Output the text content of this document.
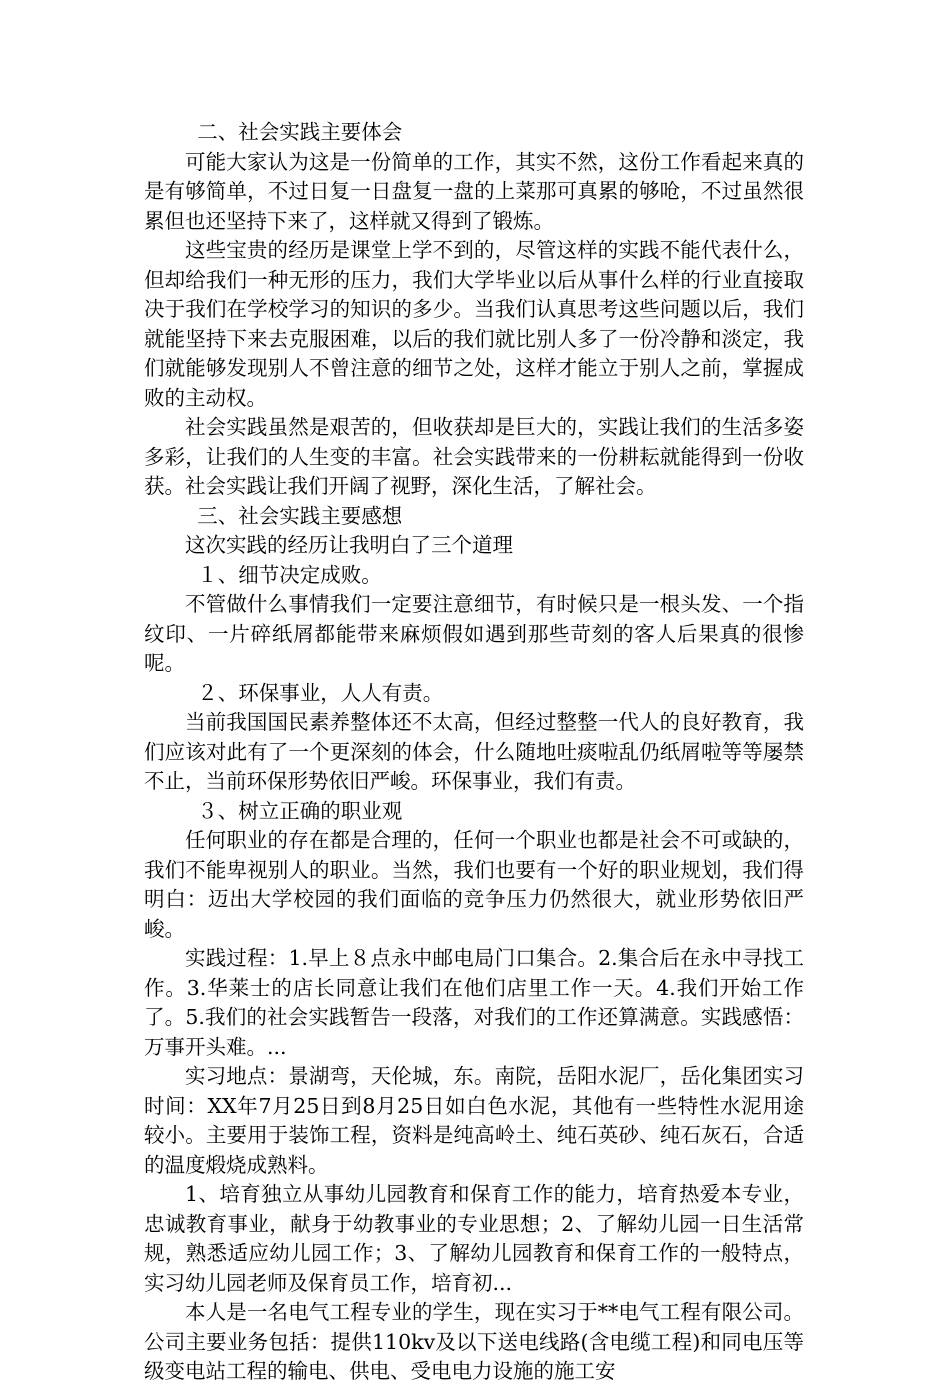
二、社会实践主要体会

可能大家认为这是一份简单的工作，其实不然，这份工作看起来真的是有够简单，不过日复一日盘复一盘的上菜那可真累的够呛，不过虽然很累但也还坚持下来了，这样就又得到了锻炼。

这些宝贵的经历是课堂上学不到的，尽管这样的实践不能代表什么，但却给我们一种无形的压力，我们大学毕业以后从事什么样的行业直接取决于我们在学校学习的知识的多少。当我们认真思考这些问题以后，我们就能坚持下来去克服困难，以后的我们就比别人多了一份冷静和淡定，我们就能够发现别人不曾注意的细节之处，这样才能立于别人之前，掌握成败的主动权。

社会实践虽然是艰苦的，但收获却是巨大的，实践让我们的生活多姿多彩，让我们的人生变的丰富。社会实践带来的一份耕耘就能得到一份收获。社会实践让我们开阔了视野，深化生活，了解社会。

三、社会实践主要感想

这次实践的经历让我明白了三个道理

１、细节决定成败。

不管做什么事情我们一定要注意细节，有时候只是一根头发、一个指纹印、一片碎纸屑都能带来麻烦假如遇到那些苛刻的客人后果真的很惨呢。

２、环保事业，人人有责。

当前我国国民素养整体还不太高，但经过整整一代人的良好教育，我们应该对此有了一个更深刻的体会，什么随地吐痰啦乱仍纸屑啦等等屡禁不止，当前环保形势依旧严峻。环保事业，我们有责。

３、树立正确的职业观

任何职业的存在都是合理的，任何一个职业也都是社会不可或缺的，我们不能卑视别人的职业。当然，我们也要有一个好的职业规划，我们得明白：迈出大学校园的我们面临的竞争压力仍然很大，就业形势依旧严峻。

实践过程：1.早上８点永中邮电局门口集合。2.集合后在永中寻找工作。3.华莱士的店长同意让我们在他们店里工作一天。4.我们开始工作了。5.我们的社会实践暂告一段落，对我们的工作还算满意。实践感悟：万事开头难。...

实习地点：景湖弯，天伦城，东。南院，岳阳水泥厂，岳化集团实习时间：XX年7月25日到8月25日如白色水泥，其他有一些特性水泥用途较小。主要用于装饰工程，资料是纯高岭土、纯石英砂、纯石灰石，合适的温度煅烧成熟料。

1、培育独立从事幼儿园教育和保育工作的能力，培育热爱本专业，忠诚教育事业，献身于幼教事业的专业思想；2、了解幼儿园一日生活常规，熟悉适应幼儿园工作；3、了解幼儿园教育和保育工作的一般特点，实习幼儿园老师及保育员工作，培育初...

本人是一名电气工程专业的学生，现在实习于**电气工程有限公司。公司主要业务包括：提供110kv及以下送电线路(含电缆工程)和同电压等级变电站工程的输电、供电、受电电力设施的施工安
